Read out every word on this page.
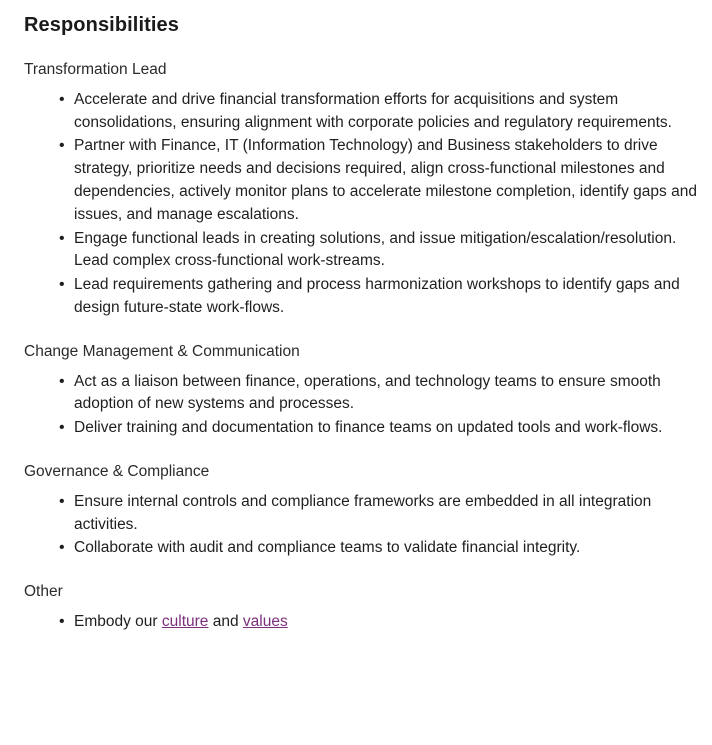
Responsibilities
Transformation Lead
• Accelerate and drive financial transformation efforts for acquisitions and system consolidations, ensuring alignment with corporate policies and regulatory requirements.
• Partner with Finance, IT (Information Technology) and Business stakeholders to drive strategy, prioritize needs and decisions required, align cross-functional milestones and dependencies, actively monitor plans to accelerate milestone completion, identify gaps and issues, and manage escalations.
• Engage functional leads in creating solutions, and issue mitigation/escalation/resolution. Lead complex cross-functional work-streams.
• Lead requirements gathering and process harmonization workshops to identify gaps and design future-state work-flows.
Change Management & Communication
• Act as a liaison between finance, operations, and technology teams to ensure smooth adoption of new systems and processes.
• Deliver training and documentation to finance teams on updated tools and work-flows.
Governance & Compliance
• Ensure internal controls and compliance frameworks are embedded in all integration activities.
• Collaborate with audit and compliance teams to validate financial integrity.
Other
• Embody our culture and values
